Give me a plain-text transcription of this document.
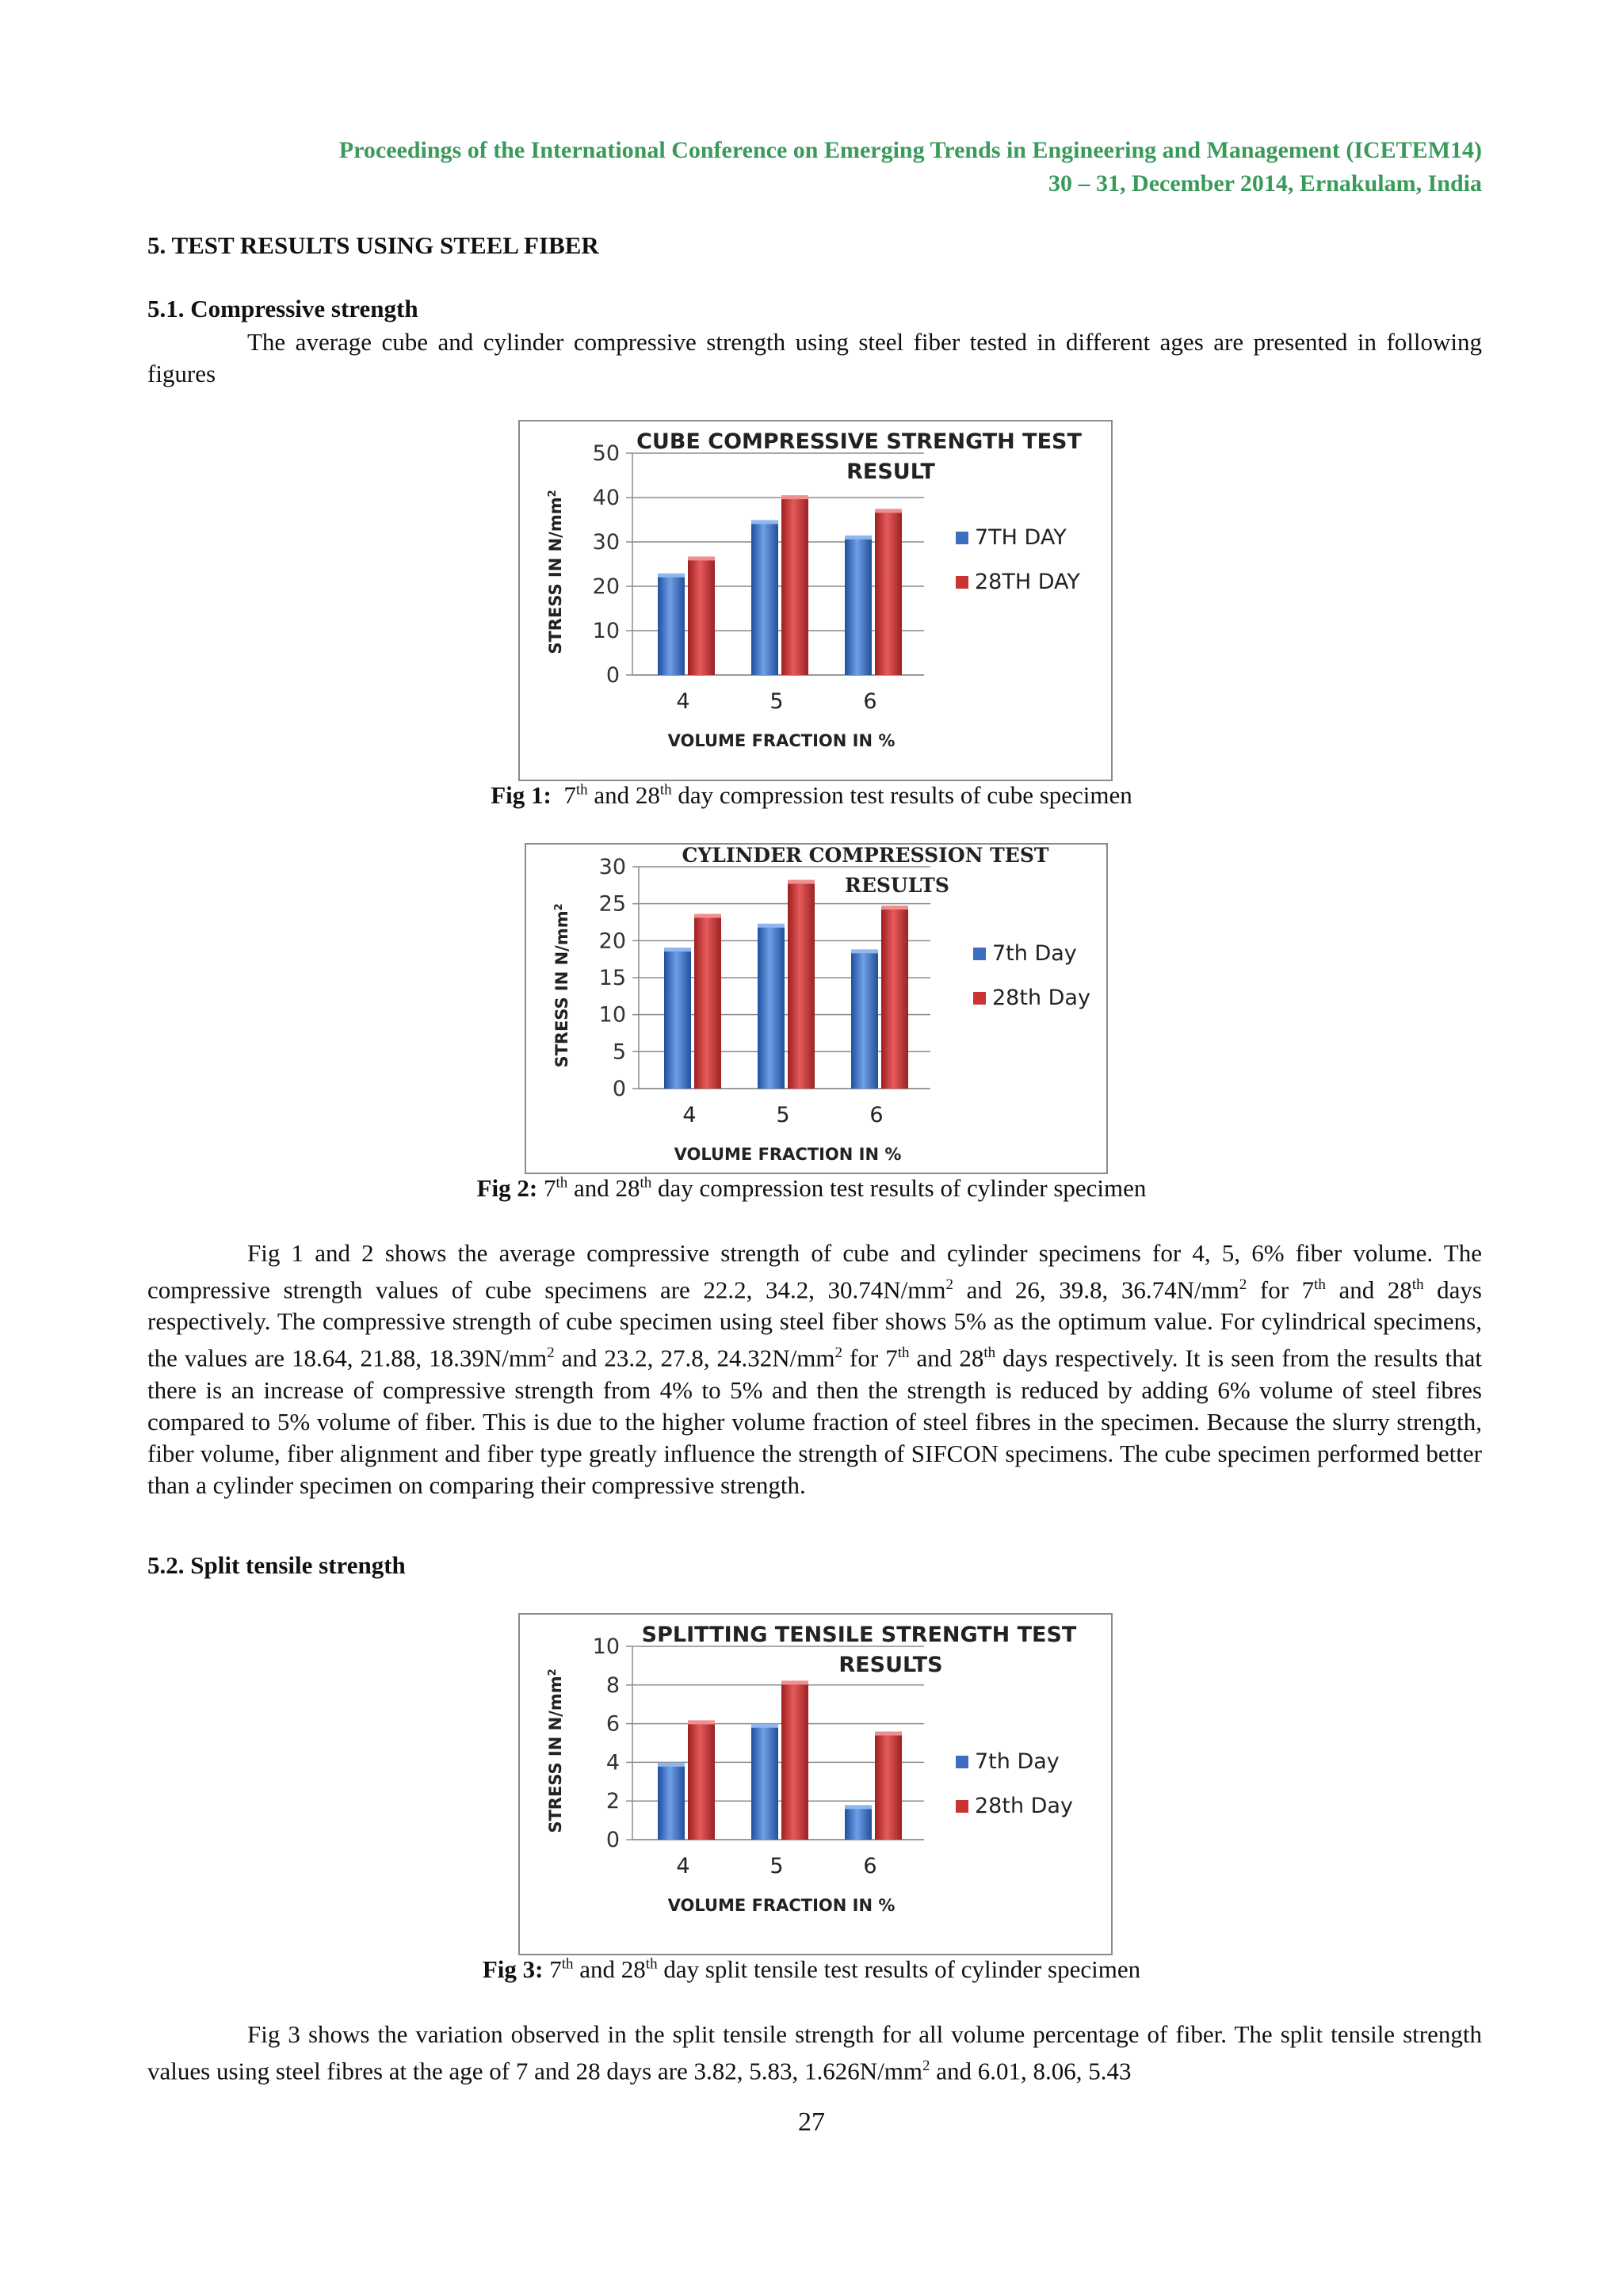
Proceedings of the International Conference on Emerging Trends in Engineering and Management (ICETEM14)
30 – 31, December 2014, Ernakulam, India
5. TEST RESULTS USING STEEL FIBER
5.1. Compressive strength

The average cube and cylinder compressive strength using steel fiber tested in different ages are presented in following figures

0
10
20
30
40
50
4	5	6
CUBE COMPRESSIVE STRENGTH TEST
RESULT
VOLUME FRACTION IN %
STRESS IN $N/mm^2$
7TH DAY
28TH DAY
Fig 1: 7th and 28th day compression test results of cube specimen
0
5
10
15
20
25
30
4	5	6
CYLINDER COMPRESSION TEST
RESULTS
VOLUME FRACTION IN %
STRESS IN $N/mm^2$
7th Day
28th Day
Fig 2: 7th and 28th day compression test results of cylinder specimen

Fig 1 and 2 shows the average compressive strength of cube and cylinder specimens for 4, 5, 6% fiber volume. The compressive strength values of cube specimens are 22.2, 34.2, $30.74N/mm^2$ and 26, 39.8, $36.74N/mm^2$ for 7th and 28th days respectively. The compressive strength of cube specimen using steel fiber shows 5% as the optimum value. For cylindrical specimens, the values are 18.64, 21.88, $18.39N/mm^2$ and 23.2, 27.8, $24.32N/mm^2$ for 7th and 28th days respectively. It is seen from the results that there is an increase of compressive strength from 4% to 5% and then the strength is reduced by adding 6% volume of steel fibres compared to 5% volume of fiber. This is due to the higher volume fraction of steel fibres in the specimen. Because the slurry strength, fiber volume, fiber alignment and fiber type greatly influence the strength of SIFCON specimens. The cube specimen performed better than a cylinder specimen on comparing their compressive strength.

5.2. Split tensile strength
0
2
4
6
8
10
4	5	6
SPLITTING TENSILE STRENGTH TEST
RESULTS
VOLUME FRACTION IN %
STRESS IN $N/mm^2$
7th Day
28th Day
Fig 3: 7th and 28th day split tensile test results of cylinder specimen

Fig 3 shows the variation observed in the split tensile strength for all volume percentage of fiber. The split tensile strength values using steel fibres at the age of 7 and 28 days are 3.82, 5.83, $1.626N/mm^2$ and 6.01, 8.06, 5.43

27
